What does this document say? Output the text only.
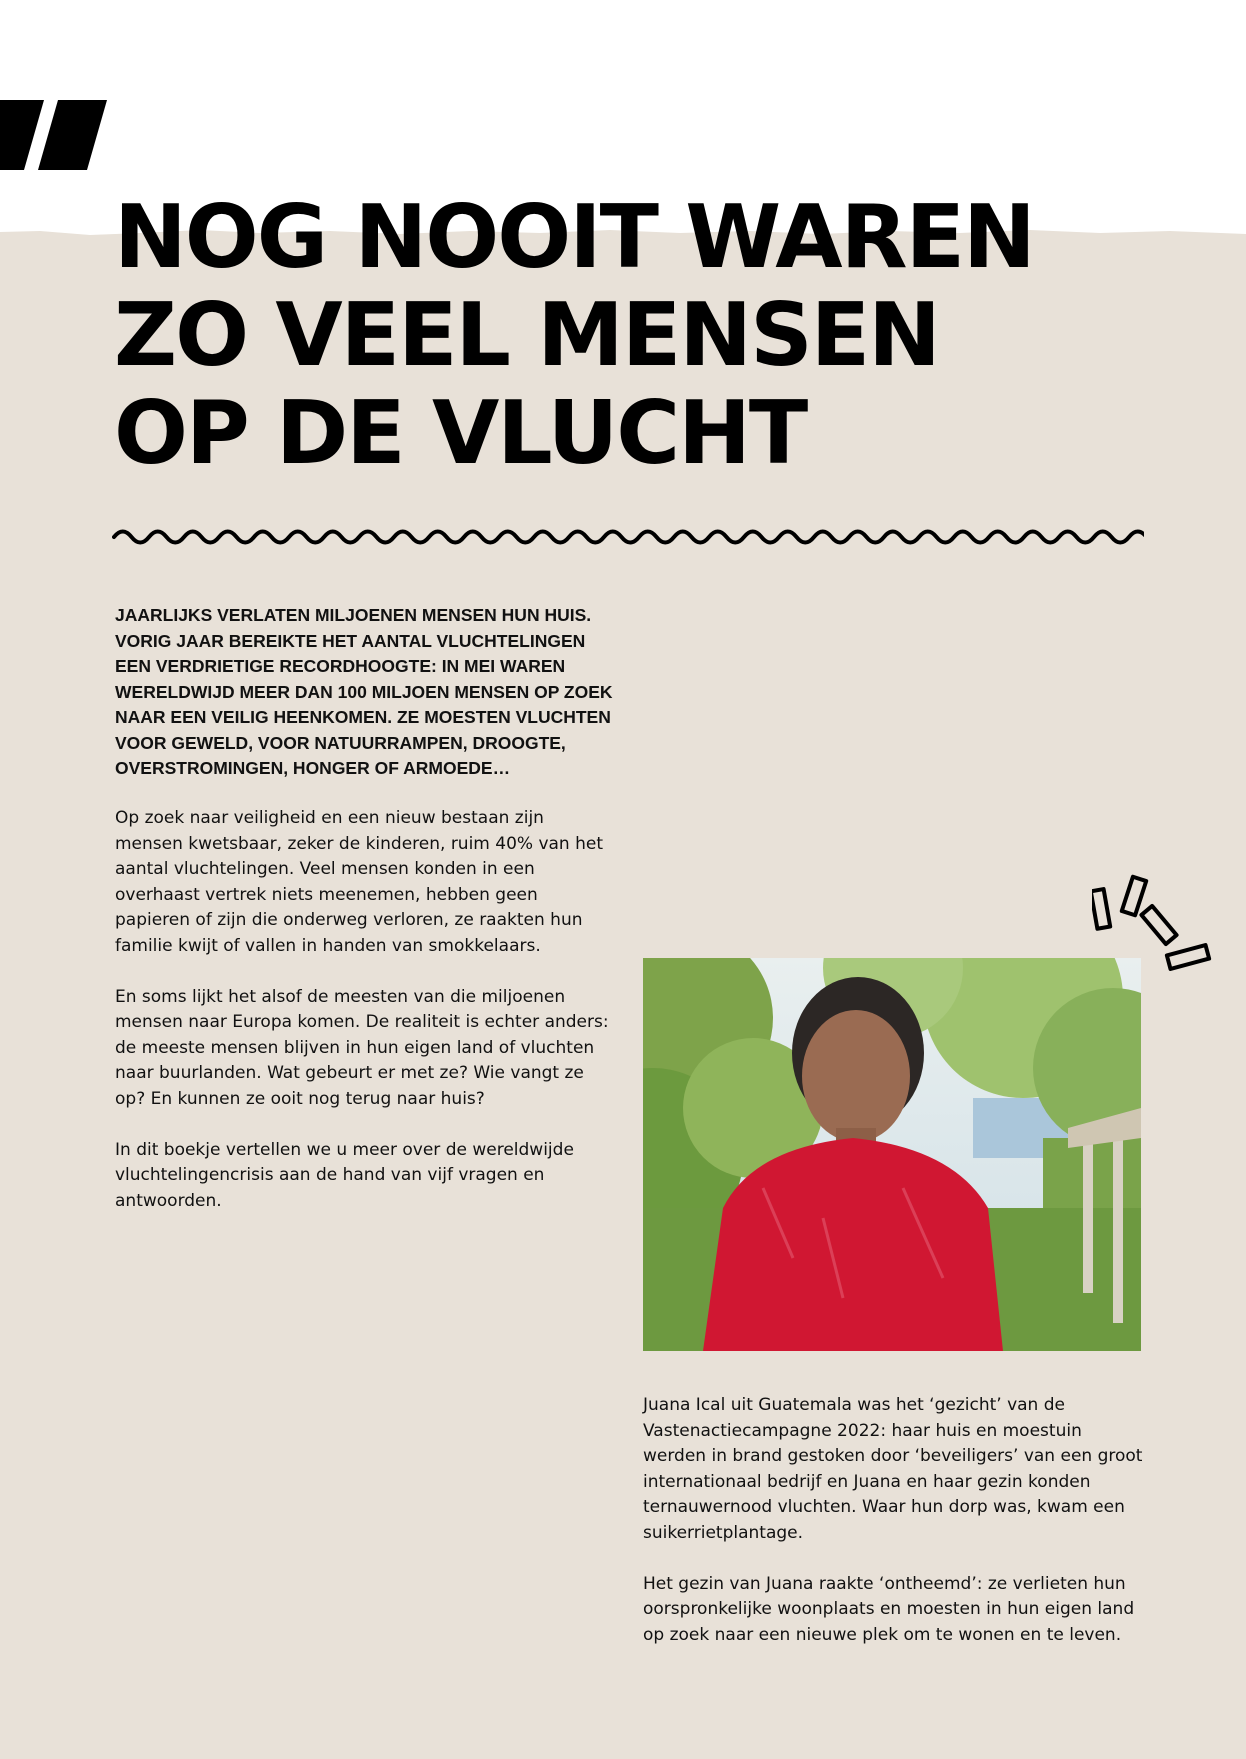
NOG NOOIT WAREN
ZO VEEL MENSEN
OP DE VLUCHT

JAARLIJKS VERLATEN MILJOENEN MENSEN HUN HUIS. VORIG JAAR BEREIKTE HET AANTAL VLUCHTELINGEN EEN VERDRIETIGE RECORDHOOGTE: IN MEI WAREN WERELDWIJD MEER DAN 100 MILJOEN MENSEN OP ZOEK NAAR EEN VEILIG HEENKOMEN. ZE MOESTEN VLUCHTEN VOOR GEWELD, VOOR NATUURRAMPEN, DROOGTE, OVERSTROMINGEN, HONGER OF ARMOEDE…

Op zoek naar veiligheid en een nieuw bestaan zijn mensen kwetsbaar, zeker de kinderen, ruim 40% van het aantal vluchtelingen. Veel mensen konden in een overhaast vertrek niets meenemen, hebben geen papieren of zijn die onderweg verloren, ze raakten hun familie kwijt of vallen in handen van smokkelaars.

En soms lijkt het alsof de meesten van die miljoenen mensen naar Europa komen. De realiteit is echter anders: de meeste mensen blijven in hun eigen land of vluchten naar buurlanden. Wat gebeurt er met ze? Wie vangt ze op? En kunnen ze ooit nog terug naar huis?

In dit boekje vertellen we u meer over de wereldwijde vluchtelingencrisis aan de hand van vijf vragen en antwoorden.

Juana Ical uit Guatemala was het ‘gezicht’ van de Vastenactiecampagne 2022: haar huis en moestuin werden in brand gestoken door ‘beveiligers’ van een groot internationaal bedrijf en Juana en haar gezin konden ternauwernood vluchten. Waar hun dorp was, kwam een suikerrietplantage.

Het gezin van Juana raakte ‘ontheemd’: ze verlieten hun oorspronkelijke woonplaats en moesten in hun eigen land op zoek naar een nieuwe plek om te wonen en te leven.
